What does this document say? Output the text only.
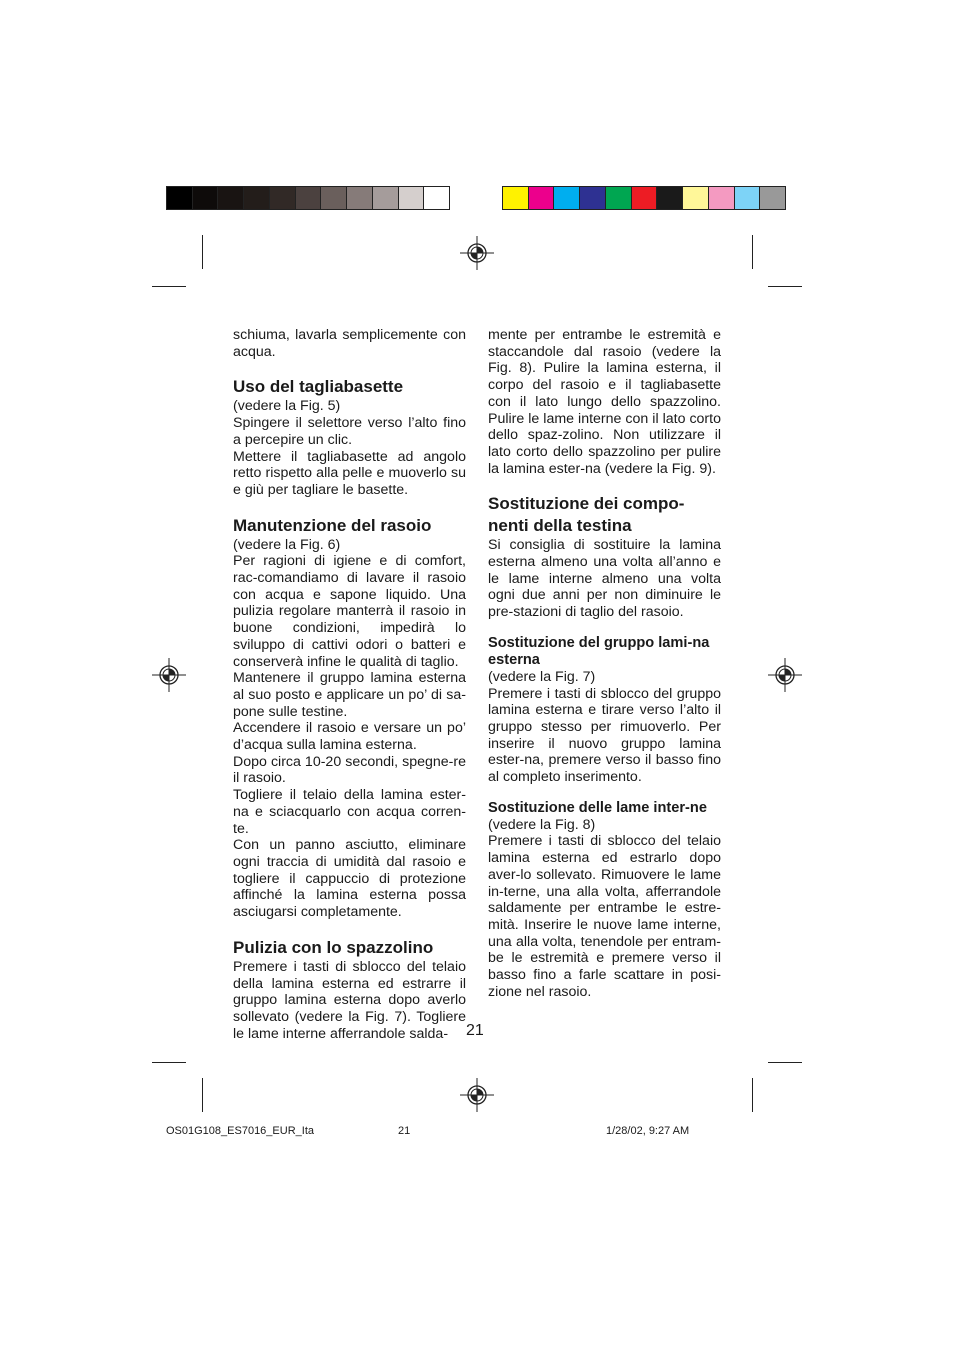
schiuma, lavarla semplicemente con acqua.

Uso del tagliabasette

(vedere la Fig. 5)

Spingere il selettore verso l’alto fino a percepire un clic.

Mettere il tagliabasette ad angolo retto rispetto alla pelle e muoverlo su e giù per tagliare le basette.

Manutenzione del rasoio

(vedere la Fig. 6)

Per ragioni di igiene e di comfort, rac-comandiamo di lavare il rasoio con acqua e sapone liquido. Una pulizia regolare manterrà il rasoio in buone condizioni, impedirà lo sviluppo di cattivi odori o batteri e conserverà infine le qualità di taglio.

Mantenere il gruppo lamina esterna al suo posto e applicare un po’ di sa-pone sulle testine.

Accendere il rasoio e versare un po’ d’acqua sulla lamina esterna.

Dopo circa 10-20 secondi, spegne-re il rasoio.

Togliere il telaio della lamina ester-na e sciacquarlo con acqua corren-te.

Con un panno asciutto, eliminare ogni traccia di umidità dal rasoio e togliere il cappuccio di protezione affinché la lamina esterna possa asciugarsi completamente.

Pulizia con lo spazzolino

Premere i tasti di sblocco del telaio della lamina esterna ed estrarre il gruppo lamina esterna dopo averlo sollevato (vedere la Fig. 7). Togliere le lame interne afferrandole salda-

mente per entrambe le estremità e staccandole dal rasoio (vedere la Fig. 8). Pulire la lamina esterna, il corpo del rasoio e il tagliabasette con il lato lungo dello spazzolino. Pulire le lame interne con il lato corto dello spaz-zolino. Non utilizzare il lato corto dello spazzolino per pulire la lamina ester-na (vedere la Fig. 9).

Sostituzione dei compo-nenti della testina

Si consiglia di sostituire la lamina esterna almeno una volta all’anno e le lame interne almeno una volta ogni due anni per non diminuire le pre-stazioni di taglio del rasoio.

Sostituzione del gruppo lami-na esterna

(vedere la Fig. 7)

Premere i tasti di sblocco del gruppo lamina esterna e tirare verso l’alto il gruppo stesso per rimuoverlo. Per inserire il nuovo gruppo lamina ester-na, premere verso il basso fino al completo inserimento.

Sostituzione delle lame inter-ne

(vedere la Fig. 8)

Premere i tasti di sblocco del telaio lamina esterna ed estrarlo dopo aver-lo sollevato. Rimuovere le lame in-terne, una alla volta, afferrandole saldamente per entrambe le estre-mità. Inserire le nuove lame interne, una alla volta, tenendole per entram-be le estremità e premere verso il basso fino a farle scattare in posi-zione nel rasoio.

21
OS01G108_ES7016_EUR_Ita	21	1/28/02, 9:27 AM
